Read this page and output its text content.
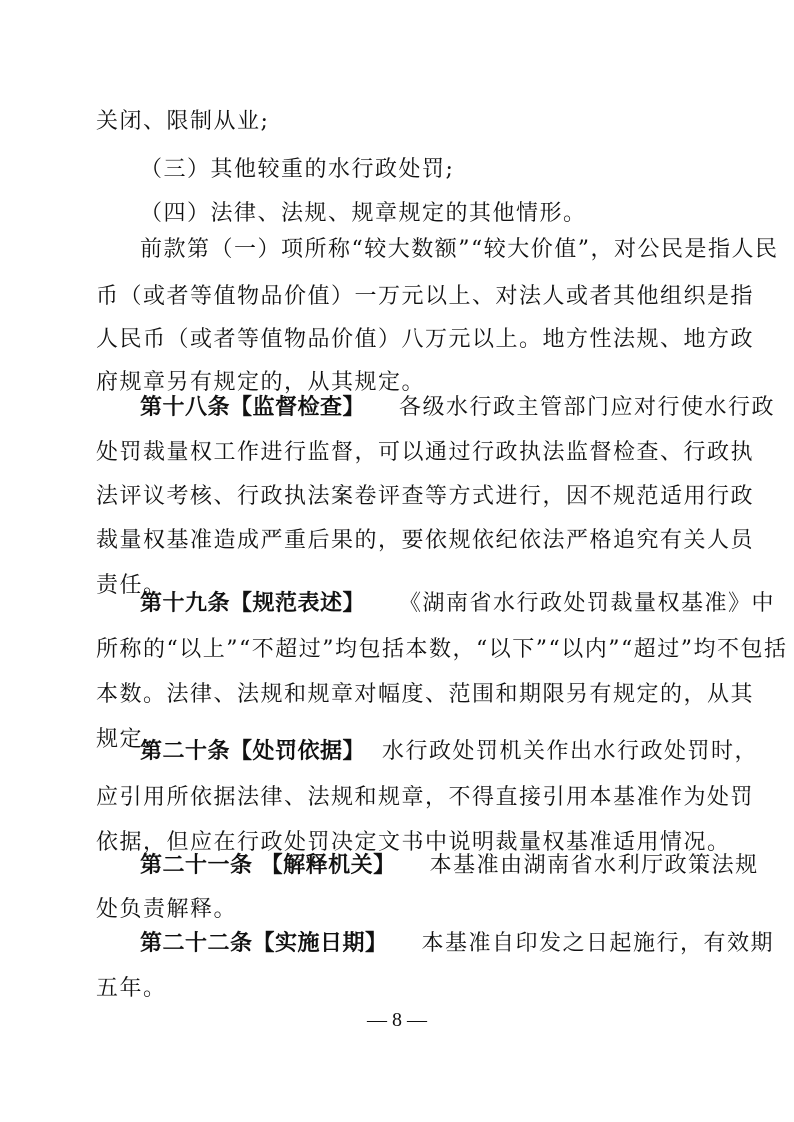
关闭、限制从业;
（三）其他较重的水行政处罚;
（四）法律、法规、规章规定的其他情形。
前款第（一）项所称“较大数额”“较大价值”，对公民是指人民
币（或者等值物品价值）一万元以上、对法人或者其他组织是指
人民币（或者等值物品价值）八万元以上。地方性法规、地方政
府规章另有规定的，从其规定。
第十八条【监督检查】 各级水行政主管部门应对行使水行政
处罚裁量权工作进行监督，可以通过行政执法监督检查、行政执
法评议考核、行政执法案卷评查等方式进行，因不规范适用行政
裁量权基准造成严重后果的，要依规依纪依法严格追究有关人员
责任。
第十九条【规范表述】 《湖南省水行政处罚裁量权基准》中
所称的“以上”“不超过”均包括本数，“以下”“以内”“超过”均不包括
本数。法律、法规和规章对幅度、范围和期限另有规定的，从其
规定。
第二十条【处罚依据】 水行政处罚机关作出水行政处罚时，
应引用所依据法律、法规和规章，不得直接引用本基准作为处罚
依据，但应在行政处罚决定文书中说明裁量权基准适用情况。
第二十一条 【解释机关】 本基准由湖南省水利厅政策法规
处负责解释。
第二十二条【实施日期】 本基准自印发之日起施行，有效期
五年。
— 8 —
